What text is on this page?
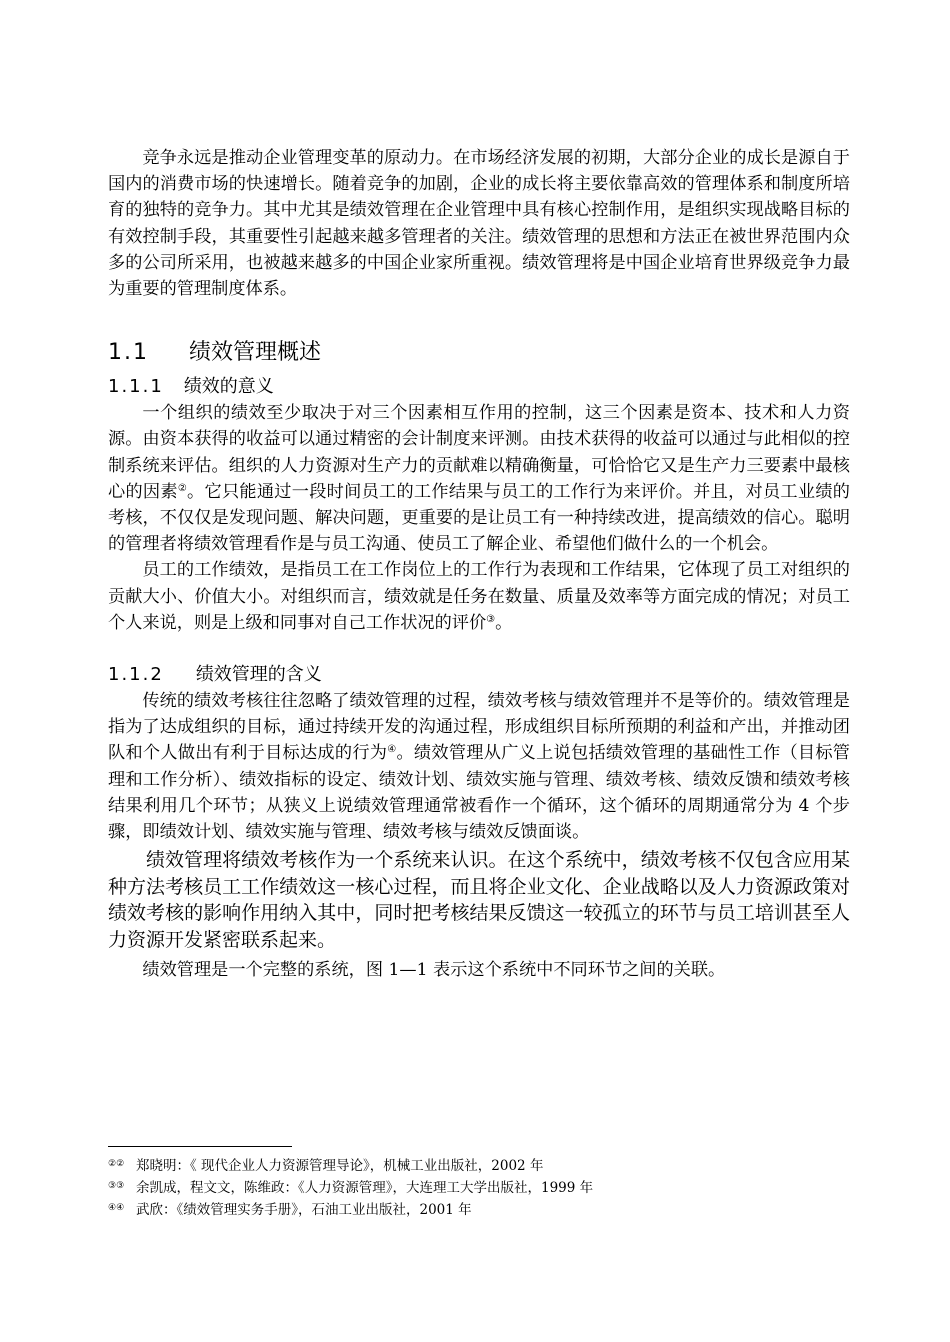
竞争永远是推动企业管理变革的原动力。在市场经济发展的初期，大部分企业的成长是源自于国内的消费市场的快速增长。随着竞争的加剧，企业的成长将主要依靠高效的管理体系和制度所培育的独特的竞争力。其中尤其是绩效管理在企业管理中具有核心控制作用，是组织实现战略目标的有效控制手段，其重要性引起越来越多管理者的关注。绩效管理的思想和方法正在被世界范围内众多的公司所采用，也被越来越多的中国企业家所重视。绩效管理将是中国企业培育世界级竞争力最为重要的管理制度体系。

1.1 绩效管理概述
1.1.1 绩效的意义

一个组织的绩效至少取决于对三个因素相互作用的控制，这三个因素是资本、技术和人力资源。由资本获得的收益可以通过精密的会计制度来评测。由技术获得的收益可以通过与此相似的控制系统来评估。组织的人力资源对生产力的贡献难以精确衡量，可恰恰它又是生产力三要素中最核心的因素②。它只能通过一段时间员工的工作结果与员工的工作行为来评价。并且，对员工业绩的考核，不仅仅是发现问题、解决问题，更重要的是让员工有一种持续改进，提高绩效的信心。聪明的管理者将绩效管理看作是与员工沟通、使员工了解企业、希望他们做什么的一个机会。

员工的工作绩效，是指员工在工作岗位上的工作行为表现和工作结果，它体现了员工对组织的贡献大小、价值大小。对组织而言，绩效就是任务在数量、质量及效率等方面完成的情况；对员工个人来说，则是上级和同事对自己工作状况的评价③。

1.1.2 绩效管理的含义

传统的绩效考核往往忽略了绩效管理的过程，绩效考核与绩效管理并不是等价的。绩效管理是指为了达成组织的目标，通过持续开发的沟通过程，形成组织目标所预期的利益和产出，并推动团队和个人做出有利于目标达成的行为④。绩效管理从广义上说包括绩效管理的基础性工作（目标管理和工作分析）、绩效指标的设定、绩效计划、绩效实施与管理、绩效考核、绩效反馈和绩效考核结果利用几个环节；从狭义上说绩效管理通常被看作一个循环，这个循环的周期通常分为 4 个步骤，即绩效计划、绩效实施与管理、绩效考核与绩效反馈面谈。

绩效管理将绩效考核作为一个系统来认识。在这个系统中，绩效考核不仅包含应用某种方法考核员工工作绩效这一核心过程，而且将企业文化、企业战略以及人力资源政策对绩效考核的影响作用纳入其中，同时把考核结果反馈这一较孤立的环节与员工培训甚至人力资源开发紧密联系起来。

绩效管理是一个完整的系统，图 1—1 表示这个系统中不同环节之间的关联。

②② 郑晓明：《 现代企业人力资源管理导论》，机械工业出版社，2002 年
③③ 余凯成，程文文，陈维政：《人力资源管理》，大连理工大学出版社，1999 年
④④ 武欣：《绩效管理实务手册》，石油工业出版社，2001 年
